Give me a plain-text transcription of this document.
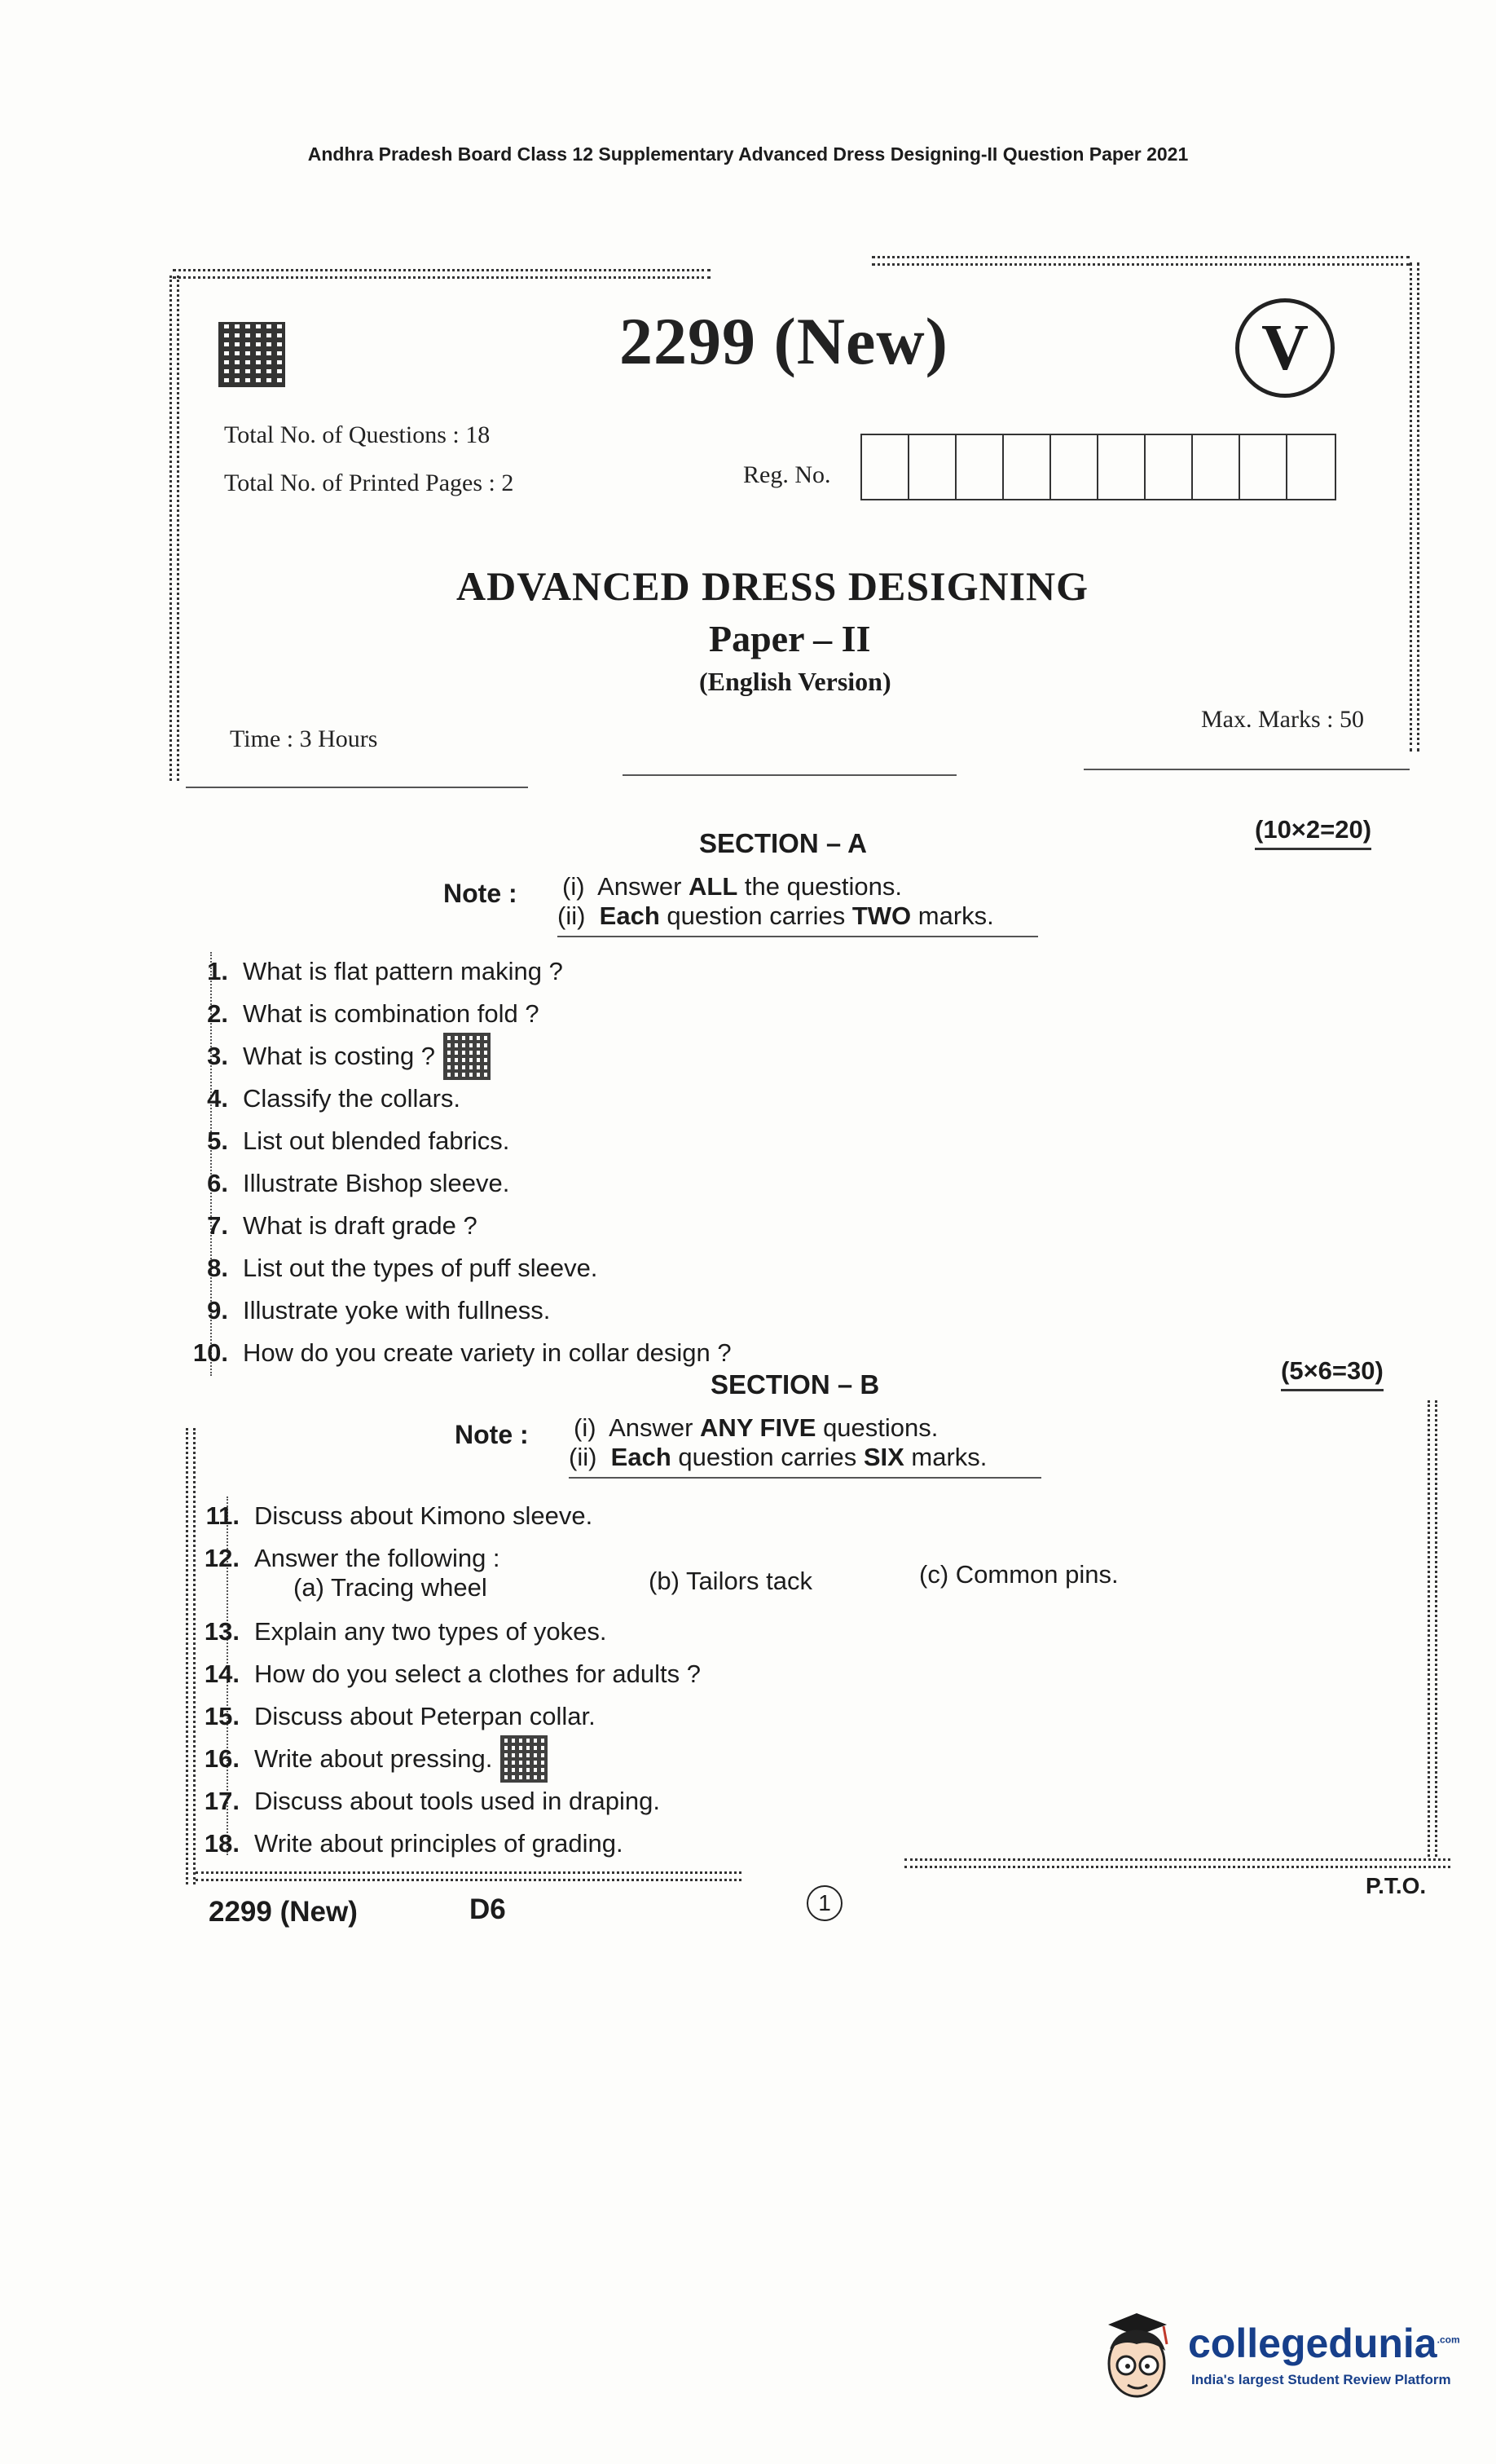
Andhra Pradesh Board Class 12 Supplementary Advanced Dress Designing-II Question Paper 2021
2299 (New)	V
Total No. of Questions : 18
Total No. of Printed Pages : 2	Reg. No.
ADVANCED DRESS DESIGNING
Paper – II
(English Version)
Time : 3 Hours
Max. Marks : 50
SECTION – A	(10×2=20)
Note : (i) Answer ALL the questions.
(ii) Each question carries TWO marks.
1. What is flat pattern making ?
2. What is combination fold ?
3. What is costing ?
4. Classify the collars.
5. List out blended fabrics.
6. Illustrate Bishop sleeve.
7. What is draft grade ?
8. List out the types of puff sleeve.
9. Illustrate yoke with fullness.
10. How do you create variety in collar design ?
SECTION – B	(5×6=30)
Note : (i) Answer ANY FIVE questions.
(ii) Each question carries SIX marks.
11. Discuss about Kimono sleeve.
12. Answer the following :
13. Explain any two types of yokes.
14. How do you select a clothes for adults ?
15. Discuss about Peterpan collar.
16. Write about pressing.
17. Discuss about tools used in draping.
18. Write about principles of grading.
(a) Tracing wheel	(b) Tailors tack	(c) Common pins.
2299 (New)	D6	1
P.T.O.
collegedunia$^{.com}$
India's largest Student Review Platform
